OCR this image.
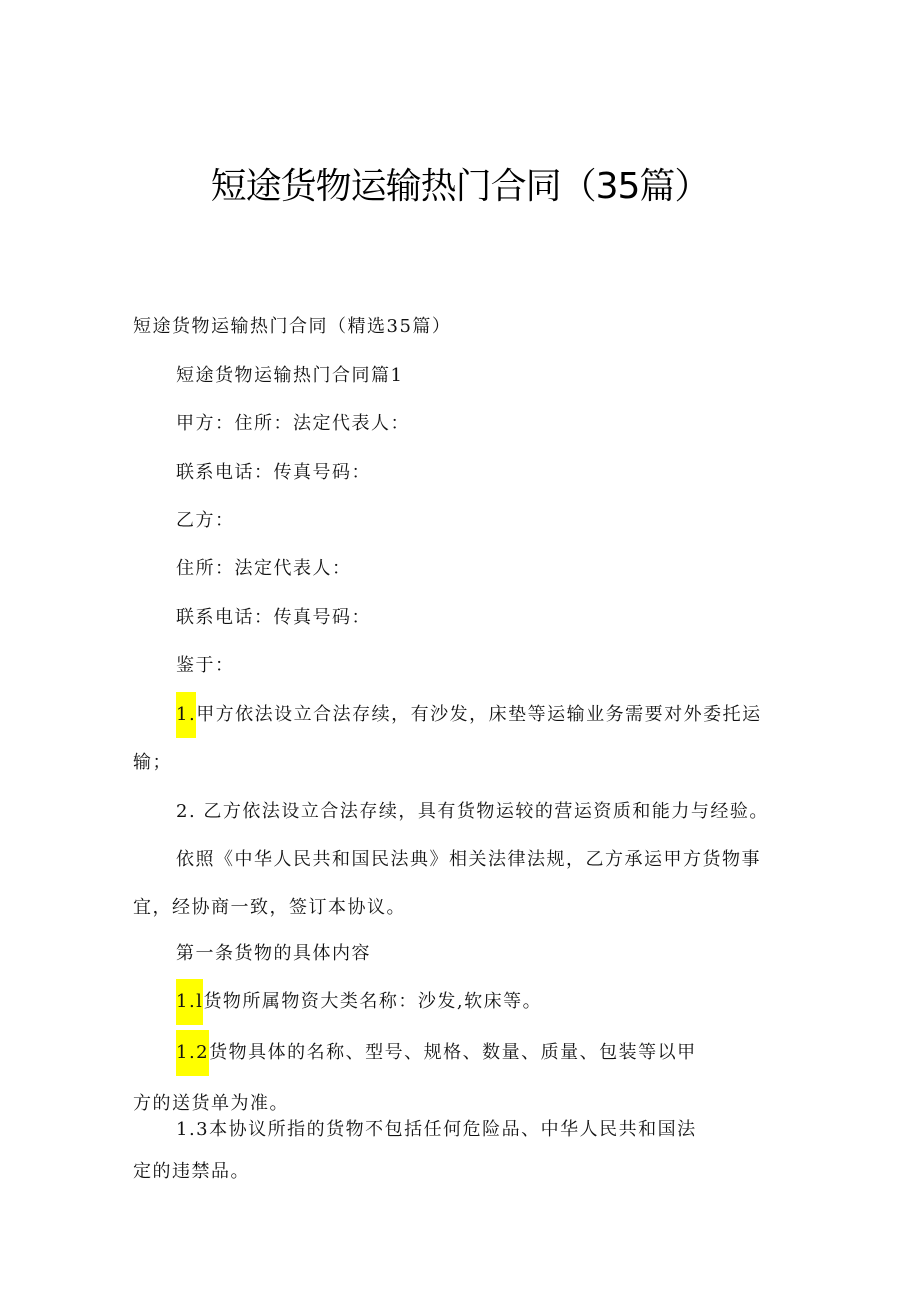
短途货物运输热门合同（35篇）
短途货物运输热门合同（精选35篇）
短途货物运输热门合同篇1
甲方：住所：法定代表人：
联系电话：传真号码：
乙方：
住所：法定代表人：
联系电话：传真号码：
鉴于：
1.甲方依法设立合法存续，有沙发，床垫等运输业务需要对外委托运
输；
2. 乙方依法设立合法存续，具有货物运较的营运资质和能力与经验。
依照《中华人民共和国民法典》相关法律法规，乙方承运甲方货物事
宜，经协商一致，签订本协议。
第一条货物的具体内容
1.l货物所属物资大类名称：沙发,软床等。
1.2货物具体的名称、型号、规格、数量、质量、包装等以甲
方的送货单为准。
1.3本协议所指的货物不包括任何危险品、中华人民共和国法
定的违禁品。
